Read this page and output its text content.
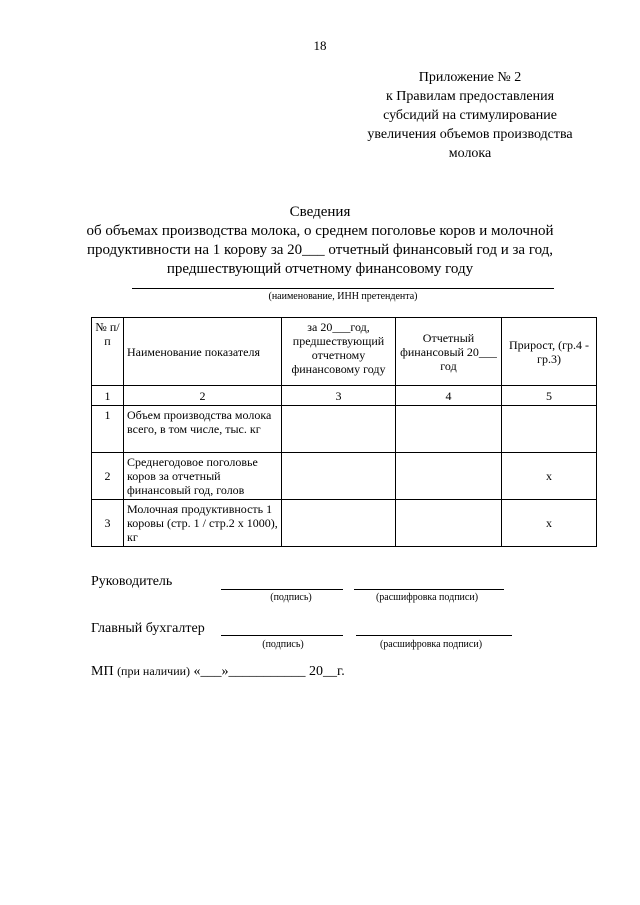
18
Приложение № 2
к Правилам предоставления
субсидий на стимулирование
увеличения объемов производства
молока
Сведения
об объемах производства молока, о среднем поголовье коров и молочной
продуктивности на 1 корову за 20___ отчетный финансовый год и за год,
предшествующий отчетному финансовому году
(наименование, ИНН претендента)
№ п/п	Наименование показателя	за 20___год, предшествующий отчетному финансовому году	Отчетный финансовый 20___ год	Прирост, (гр.4 - гр.3)
1	2	3	4	5
1	Объем производства молока всего, в том числе, тыс. кг			
2	Среднегодовое поголовье коров за отчетный финансовый год, голов			х
3	Молочная продуктивность 1 коровы (стр. 1 / стр.2 х 1000), кг			х
Руководитель
(подпись)	(расшифровка подписи)
Главный бухгалтер
(подпись)	(расшифровка подписи)
МП (при наличии) «___»___________ 20__г.
